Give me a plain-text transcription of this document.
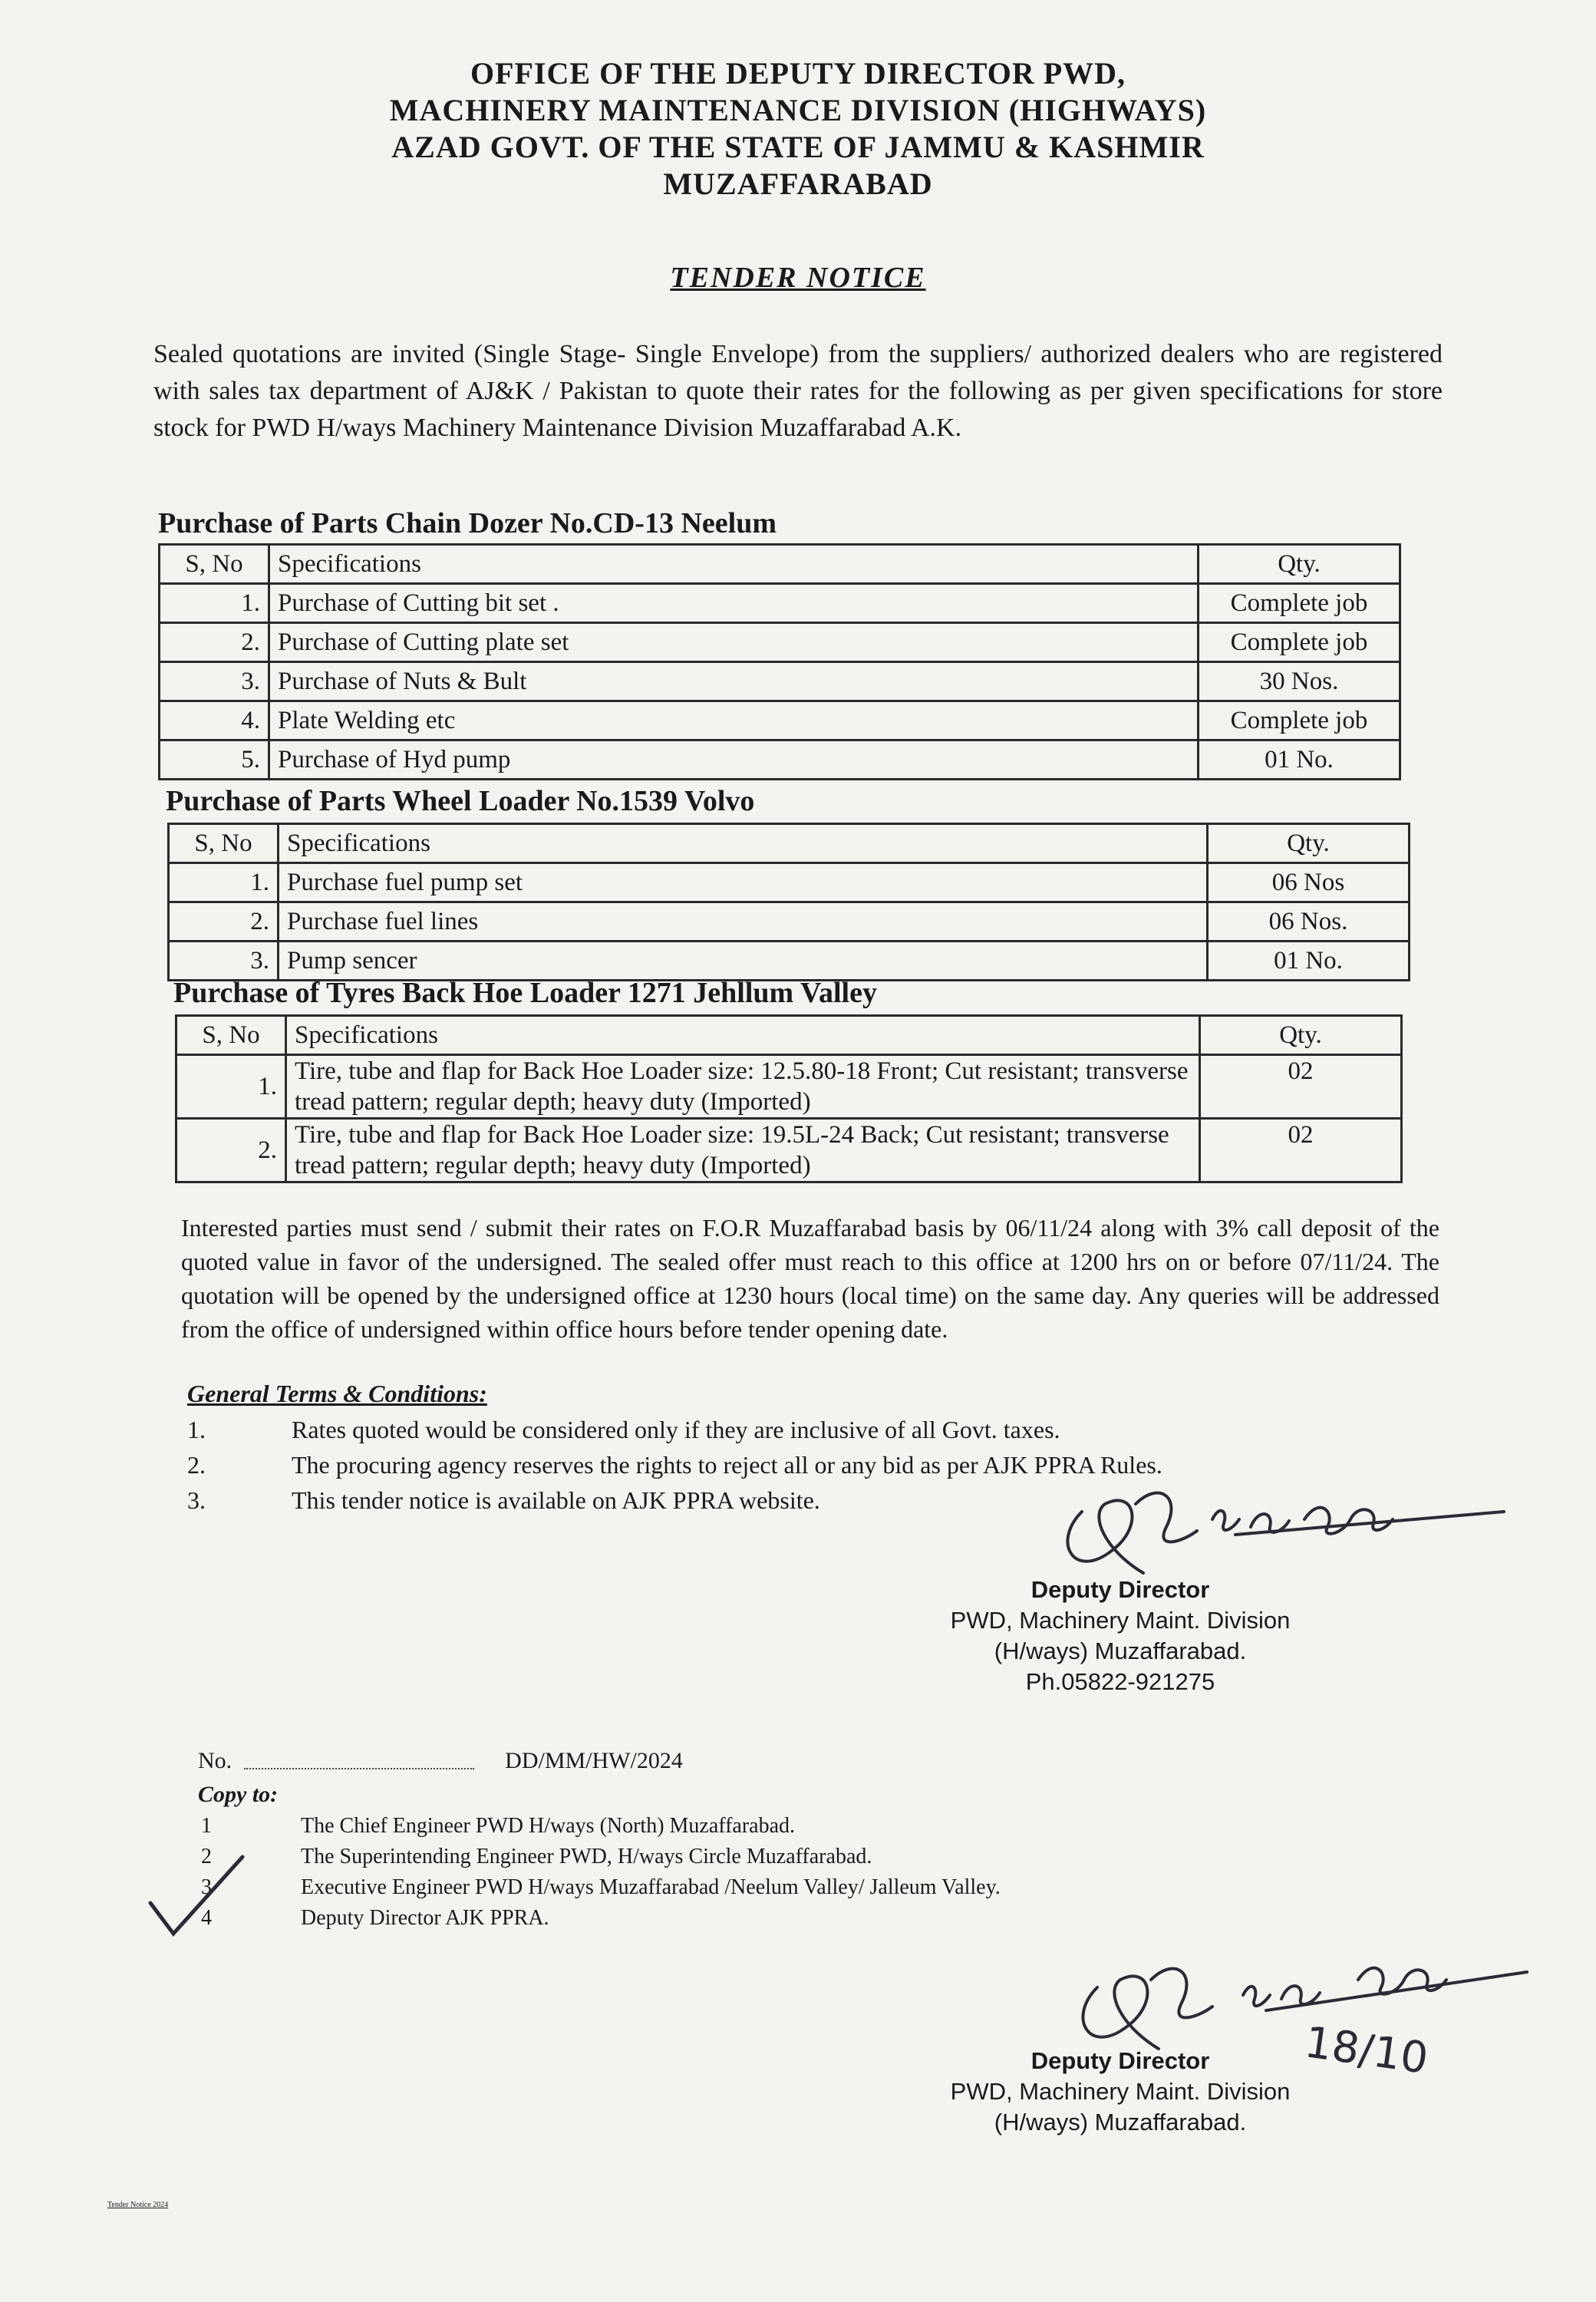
OFFICE OF THE DEPUTY DIRECTOR PWD,
MACHINERY MAINTENANCE DIVISION (HIGHWAYS)
AZAD GOVT. OF THE STATE OF JAMMU & KASHMIR
MUZAFFARABAD
TENDER NOTICE
Sealed quotations are invited (Single Stage- Single Envelope) from the suppliers/ authorized dealers who are registered with sales tax department of AJ&K / Pakistan to quote their rates for the following as per given specifications for store stock for PWD H/ways Machinery Maintenance Division Muzaffarabad A.K.
Purchase of Parts Chain Dozer No.CD-13 Neelum
S, No	Specifications	Qty.
1.	Purchase of Cutting bit set .	Complete job
2.	Purchase of Cutting plate set	Complete job
3.	Purchase of Nuts & Bult	30 Nos.
4.	Plate Welding etc	Complete job
5.	Purchase of Hyd pump	01 No.
Purchase of Parts Wheel Loader No.1539 Volvo
S, No	Specifications	Qty.
1.	Purchase fuel pump set	06 Nos
2.	Purchase fuel lines	06 Nos.
3.	Pump sencer	01 No.
Purchase of Tyres Back Hoe Loader 1271 Jehllum Valley
S, No	Specifications	Qty.
1.	Tire, tube and flap for Back Hoe Loader size: 12.5.80-18 Front; Cut resistant; transverse tread pattern; regular depth; heavy duty (Imported)	02
2.	Tire, tube and flap for Back Hoe Loader size: 19.5L-24 Back; Cut resistant; transverse tread pattern; regular depth; heavy duty (Imported)	02
Interested parties must send / submit their rates on F.O.R Muzaffarabad basis by 06/11/24 along with 3% call deposit of the quoted value in favor of the undersigned. The sealed offer must reach to this office at 1200 hrs on or before 07/11/24. The quotation will be opened by the undersigned office at 1230 hours (local time) on the same day. Any queries will be addressed from the office of undersigned within office hours before tender opening date.
General Terms & Conditions:
1.	Rates quoted would be considered only if they are inclusive of all Govt. taxes.
2.	The procuring agency reserves the rights to reject all or any bid as per AJK PPRA Rules.
3.	This tender notice is available on AJK PPRA website.
Deputy Director
PWD, Machinery Maint. Division
(H/ways) Muzaffarabad.
Ph.05822-921275
No.	DD/MM/HW/2024
Copy to:
1	The Chief Engineer PWD H/ways (North) Muzaffarabad.
2	The Superintending Engineer PWD, H/ways Circle Muzaffarabad.
3	Executive Engineer PWD H/ways Muzaffarabad /Neelum Valley/ Jalleum Valley.
4	Deputy Director AJK PPRA.
18/10
Deputy Director
PWD, Machinery Maint. Division
(H/ways) Muzaffarabad.
Tender Notice 2024
